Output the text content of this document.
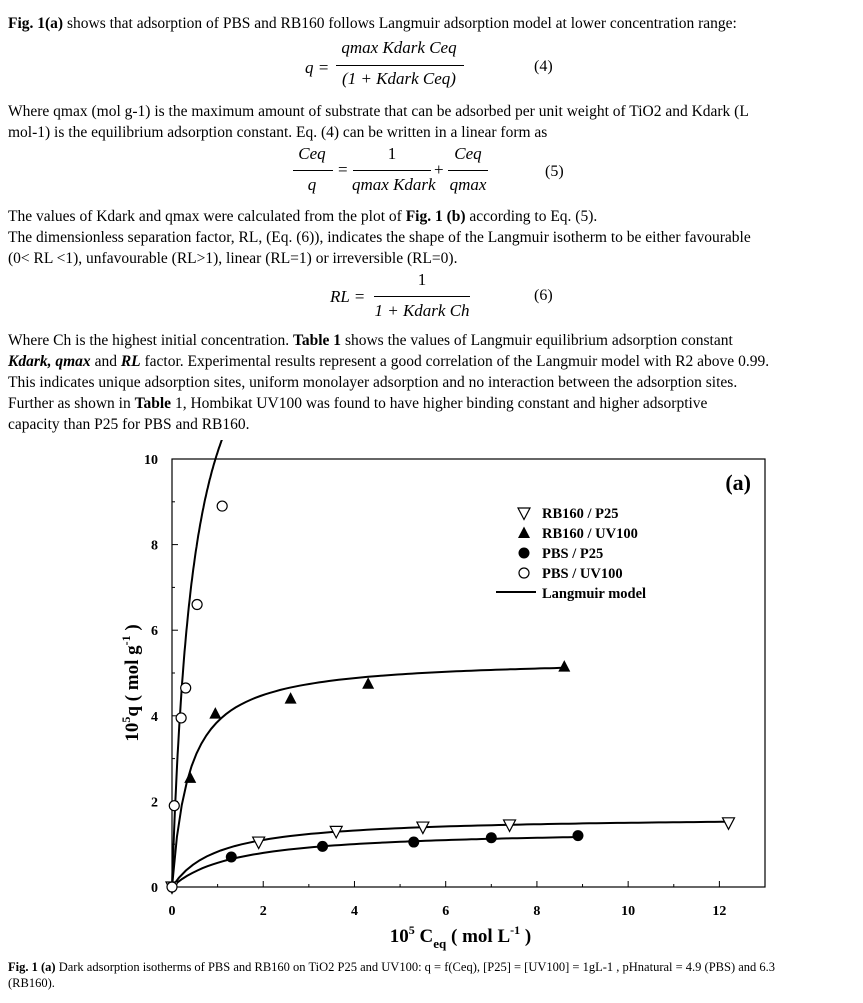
Fig. 1(a) shows that adsorption of PBS and RB160 follows Langmuir adsorption model at lower concentration range:
q =
qmax Kdark Ceq
(1 + Kdark Ceq)
(4)
Where qmax (mol g-1) is the maximum amount of substrate that can be adsorbed per unit weight of TiO2 and Kdark (L
mol-1) is the equilibrium adsorption constant. Eq. (4) can be written in a linear form as
Ceq
q
=
1
qmax Kdark
+
Ceq
qmax
(5)
The values of Kdark and qmax were calculated from the plot of Fig. 1 (b) according to Eq. (5).
The dimensionless separation factor, RL, (Eq. (6)), indicates the shape of the Langmuir isotherm to be either favourable
(0< RL <1), unfavourable (RL>1), linear (RL=1) or irreversible (RL=0).
RL =
1
1 + Kdark Ch
(6)
Where Ch is the highest initial concentration. Table 1 shows the values of Langmuir equilibrium adsorption constant
Kdark, qmax and RL factor. Experimental results represent a good correlation of the Langmuir model with R2 above 0.99.
This indicates unique adsorption sites, uniform monolayer adsorption and no interaction between the adsorption sites.
Further as shown in Table 1, Hombikat UV100 was found to have higher binding constant and higher adsorptive
capacity than P25 for PBS and RB160.
0	2	4	6	8	10	12
0
2
4
6
8
10
$10^5$ $C_{eq}$ ( mol $L^{-1}$ )
$10^5q$ ( mol $g^{-1}$ )
(a)
RB160 / P25
RB160 / UV100
PBS / P25
PBS / UV100
Langmuir model
Fig. 1 (a) Dark adsorption isotherms of PBS and RB160 on TiO2 P25 and UV100: q = f(Ceq), [P25] = [UV100] = 1gL-1 , pHnatural = 4.9 (PBS) and 6.3
(RB160).
